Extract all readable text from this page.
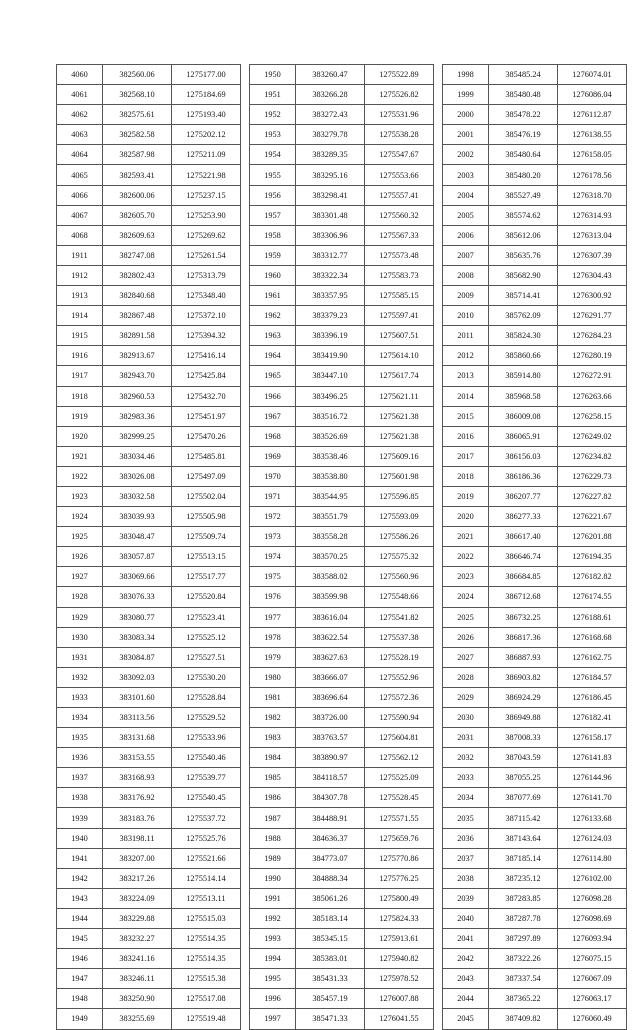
4060	382560.06	1275177.00		1950	383260.47	1275522.89		1998	385485.24	1276074.01
4061	382568.10	1275184.69		1951	383266.28	1275526.82		1999	385480.48	1276086.04
4062	382575.61	1275193.40		1952	383272.43	1275531.96		2000	385478.22	1276112.87
4063	382582.58	1275202.12		1953	383279.78	1275538.28		2001	385476.19	1276138.55
4064	382587.98	1275211.09		1954	383289.35	1275547.67		2002	385480.64	1276158.05
4065	382593.41	1275221.98		1955	383295.16	1275553.66		2003	385480.20	1276178.56
4066	382600.06	1275237.15		1956	383298.41	1275557.41		2004	385527.49	1276318.70
4067	382605.70	1275253.90		1957	383301.48	1275560.32		2005	385574.62	1276314.93
4068	382609.63	1275269.62		1958	383306.96	1275567.33		2006	385612.06	1276313.04
1911	382747.08	1275261.54		1959	383312.77	1275573.48		2007	385635.76	1276307.39
1912	382802.43	1275313.79		1960	383322.34	1275583.73		2008	385682.90	1276304.43
1913	382840.68	1275348.40		1961	383357.95	1275585.15		2009	385714.41	1276300.92
1914	382867.48	1275372.10		1962	383379.23	1275597.41		2010	385762.09	1276291.77
1915	382891.58	1275394.32		1963	383396.19	1275607.51		2011	385824.30	1276284.23
1916	382913.67	1275416.14		1964	383419.90	1275614.10		2012	385860.66	1276280.19
1917	382943.70	1275425.84		1965	383447.10	1275617.74		2013	385914.80	1276272.91
1918	382960.53	1275432.70		1966	383496.25	1275621.11		2014	385968.58	1276263.66
1919	382983.36	1275451.97		1967	383516.72	1275621.38		2015	386009.08	1276258.15
1920	382999.25	1275470.26		1968	383526.69	1275621.38		2016	386065.91	1276249.02
1921	383034.46	1275485.81		1969	383538.46	1275609.16		2017	386156.03	1276234.82
1922	383026.08	1275497.09		1970	383538.80	1275601.98		2018	386186.36	1276229.73
1923	383032.58	1275502.04		1971	383544.95	1275596.85		2019	386207.77	1276227.82
1924	383039.93	1275505.98		1972	383551.79	1275593.09		2020	386277.33	1276221.67
1925	383048.47	1275509.74		1973	383558.28	1275586.26		2021	386617.40	1276201.88
1926	383057.87	1275513.15		1974	383570.25	1275575.32		2022	386646.74	1276194.35
1927	383069.66	1275517.77		1975	383588.02	1275560.96		2023	386684.85	1276182.82
1928	383076.33	1275520.84		1976	383599.98	1275548.66		2024	386712.68	1276174.55
1929	383080.77	1275523.41		1977	383616.04	1275541.82		2025	386732.25	1276188.61
1930	383083.34	1275525.12		1978	383622.54	1275537.38		2026	386817.36	1276168.68
1931	383084.87	1275527.51		1979	383627.63	1275528.19		2027	386887.93	1276162.75
1932	383092.03	1275530.20		1980	383666.07	1275552.96		2028	386903.82	1276184.57
1933	383101.60	1275528.84		1981	383696.64	1275572.36		2029	386924.29	1276186.45
1934	383113.56	1275529.52		1982	383726.00	1275590.94		2030	386949.88	1276182.41
1935	383131.68	1275533.96		1983	383763.57	1275604.81		2031	387008.33	1276158.17
1936	383153.55	1275540.46		1984	383890.97	1275562.12		2032	387043.59	1276141.83
1937	383168.93	1275539.77		1985	384118.57	1275525.09		2033	387055.25	1276144.96
1938	383176.92	1275540.45		1986	384307.78	1275528.45		2034	387077.69	1276141.70
1939	383183.76	1275537.72		1987	384488.91	1275571.55		2035	387115.42	1276133.68
1940	383198.11	1275525.76		1988	384636.37	1275659.76		2036	387143.64	1276124.03
1941	383207.00	1275521.66		1989	384773.07	1275770.86		2037	387185.14	1276114.80
1942	383217.26	1275514.14		1990	384888.34	1275776.25		2038	387235.12	1276102.00
1943	383224.09	1275513.11		1991	385061.26	1275800.49		2039	387283.85	1276098.28
1944	383229.88	1275515.03		1992	385183.14	1275824.33		2040	387287.78	1276098.69
1945	383232.27	1275514.35		1993	385345.15	1275913.61		2041	387297.89	1276093.94
1946	383241.16	1275514.35		1994	385383.01	1275940.82		2042	387322.26	1276075.15
1947	383246.11	1275515.38		1995	385431.33	1275978.52		2043	387337.54	1276067.09
1948	383250.90	1275517.08		1996	385457.19	1276007.88		2044	387365.22	1276063.17
1949	383255.69	1275519.48		1997	385471.33	1276041.55		2045	387409.82	1276060.49
